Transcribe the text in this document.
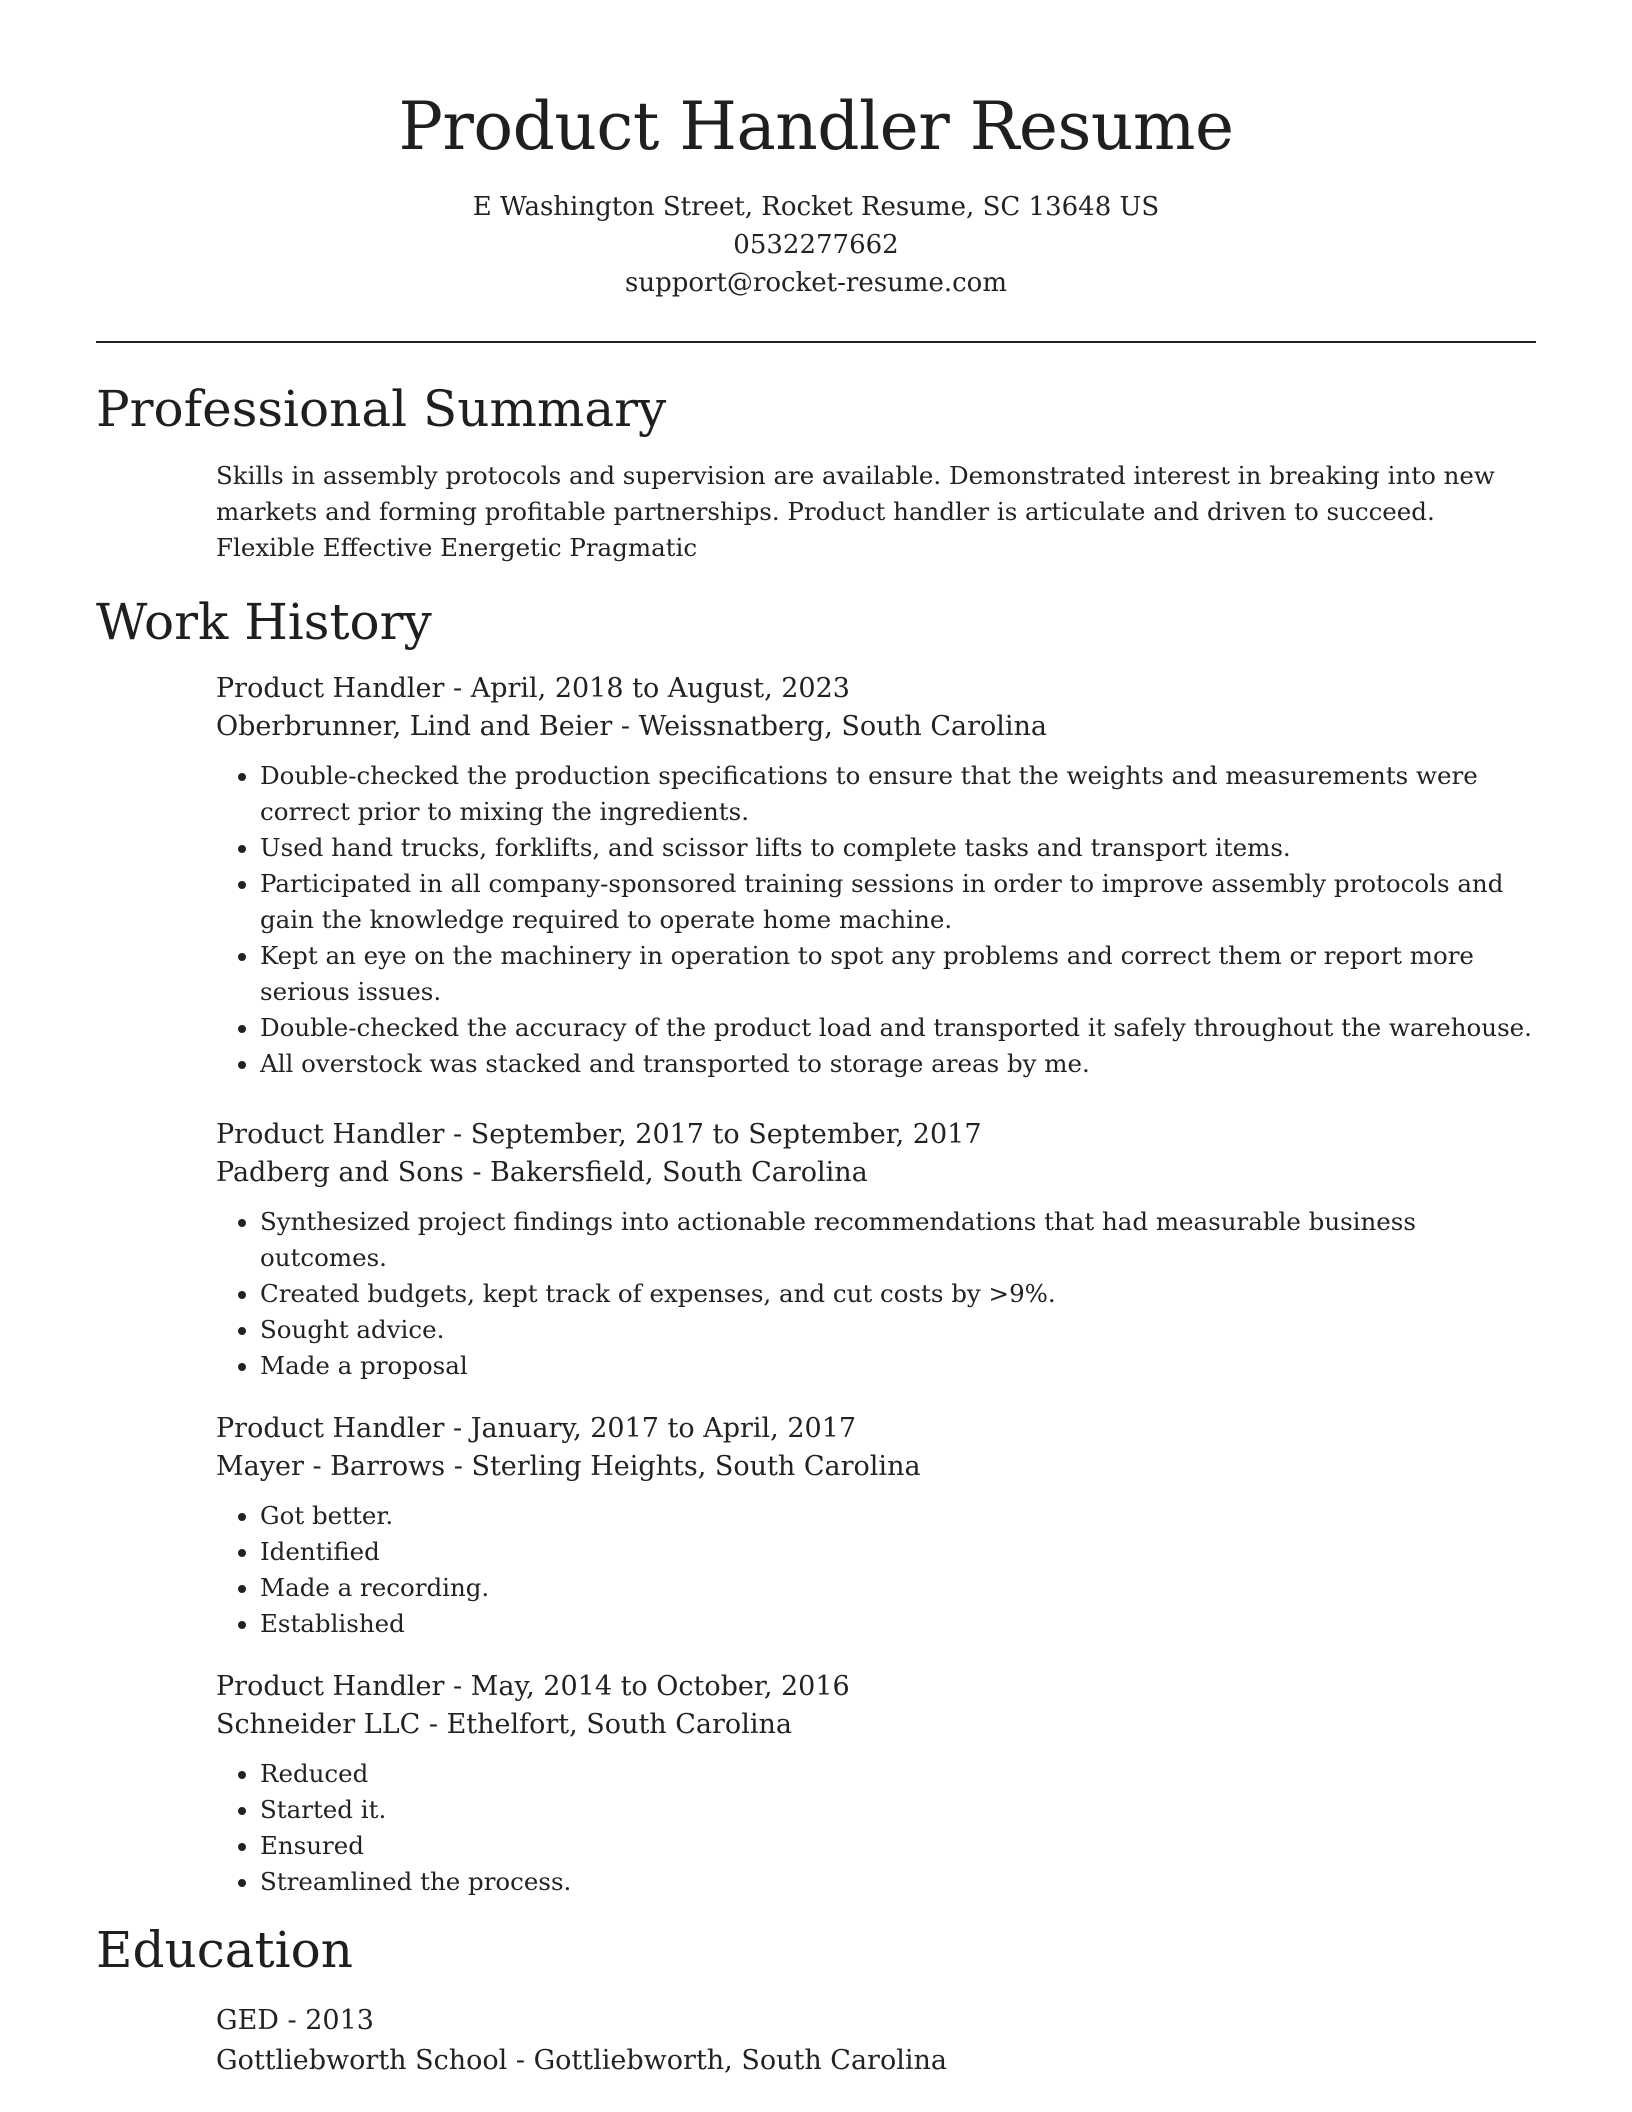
Product Handler Resume
E Washington Street, Rocket Resume, SC 13648 US
0532277662
support@rocket-resume.com
Professional Summary
Skills in assembly protocols and supervision are available. Demonstrated interest in breaking into new markets and forming profitable partnerships. Product handler is articulate and driven to succeed. Flexible Effective Energetic Pragmatic
Work History
Product Handler - April, 2018 to August, 2023
Oberbrunner, Lind and Beier - Weissnatberg, South Carolina
• Double-checked the production specifications to ensure that the weights and measurements were correct prior to mixing the ingredients.
• Used hand trucks, forklifts, and scissor lifts to complete tasks and transport items.
• Participated in all company-sponsored training sessions in order to improve assembly protocols and gain the knowledge required to operate home machine.
• Kept an eye on the machinery in operation to spot any problems and correct them or report more serious issues.
• Double-checked the accuracy of the product load and transported it safely throughout the warehouse.
• All overstock was stacked and transported to storage areas by me.
Product Handler - September, 2017 to September, 2017
Padberg and Sons - Bakersfield, South Carolina
• Synthesized project findings into actionable recommendations that had measurable business outcomes.
• Created budgets, kept track of expenses, and cut costs by >9%.
• Sought advice.
• Made a proposal
Product Handler - January, 2017 to April, 2017
Mayer - Barrows - Sterling Heights, South Carolina
• Got better.
• Identified
• Made a recording.
• Established
Product Handler - May, 2014 to October, 2016
Schneider LLC - Ethelfort, South Carolina
• Reduced
• Started it.
• Ensured
• Streamlined the process.
Education
GED - 2013
Gottliebworth School - Gottliebworth, South Carolina
